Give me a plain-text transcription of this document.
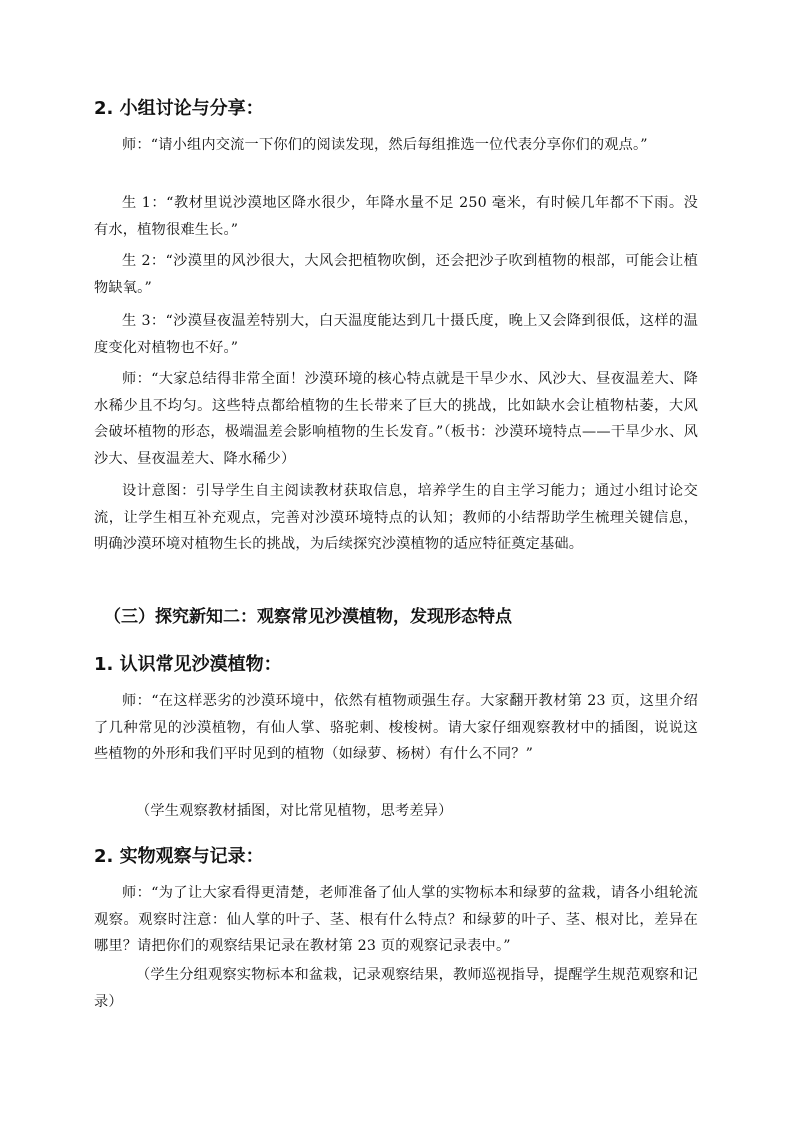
2. 小组讨论与分享：
师：“请小组内交流一下你们的阅读发现，然后每组推选一位代表分享你们的观点。”
生 1：“教材里说沙漠地区降水很少，年降水量不足 250 毫米，有时候几年都不下雨。没有水，植物很难生长。”
生 2：“沙漠里的风沙很大，大风会把植物吹倒，还会把沙子吹到植物的根部，可能会让植物缺氧。”
生 3：“沙漠昼夜温差特别大，白天温度能达到几十摄氏度，晚上又会降到很低，这样的温度变化对植物也不好。”
师：“大家总结得非常全面！沙漠环境的核心特点就是干旱少水、风沙大、昼夜温差大、降水稀少且不均匀。这些特点都给植物的生长带来了巨大的挑战，比如缺水会让植物枯萎，大风会破坏植物的形态，极端温差会影响植物的生长发育。”（板书：沙漠环境特点——干旱少水、风沙大、昼夜温差大、降水稀少）
设计意图：引导学生自主阅读教材获取信息，培养学生的自主学习能力；通过小组讨论交流，让学生相互补充观点，完善对沙漠环境特点的认知；教师的小结帮助学生梳理关键信息，明确沙漠环境对植物生长的挑战，为后续探究沙漠植物的适应特征奠定基础。
（三）探究新知二：观察常见沙漠植物，发现形态特点
1. 认识常见沙漠植物：
师：“在这样恶劣的沙漠环境中，依然有植物顽强生存。大家翻开教材第 23 页，这里介绍了几种常见的沙漠植物，有仙人掌、骆驼刺、梭梭树。请大家仔细观察教材中的插图，说说这些植物的外形和我们平时见到的植物（如绿萝、杨树）有什么不同？”
（学生观察教材插图，对比常见植物，思考差异）
2. 实物观察与记录：
师：“为了让大家看得更清楚，老师准备了仙人掌的实物标本和绿萝的盆栽，请各小组轮流观察。观察时注意：仙人掌的叶子、茎、根有什么特点？和绿萝的叶子、茎、根对比，差异在哪里？请把你们的观察结果记录在教材第 23 页的观察记录表中。”
（学生分组观察实物标本和盆栽，记录观察结果，教师巡视指导，提醒学生规范观察和记录）
